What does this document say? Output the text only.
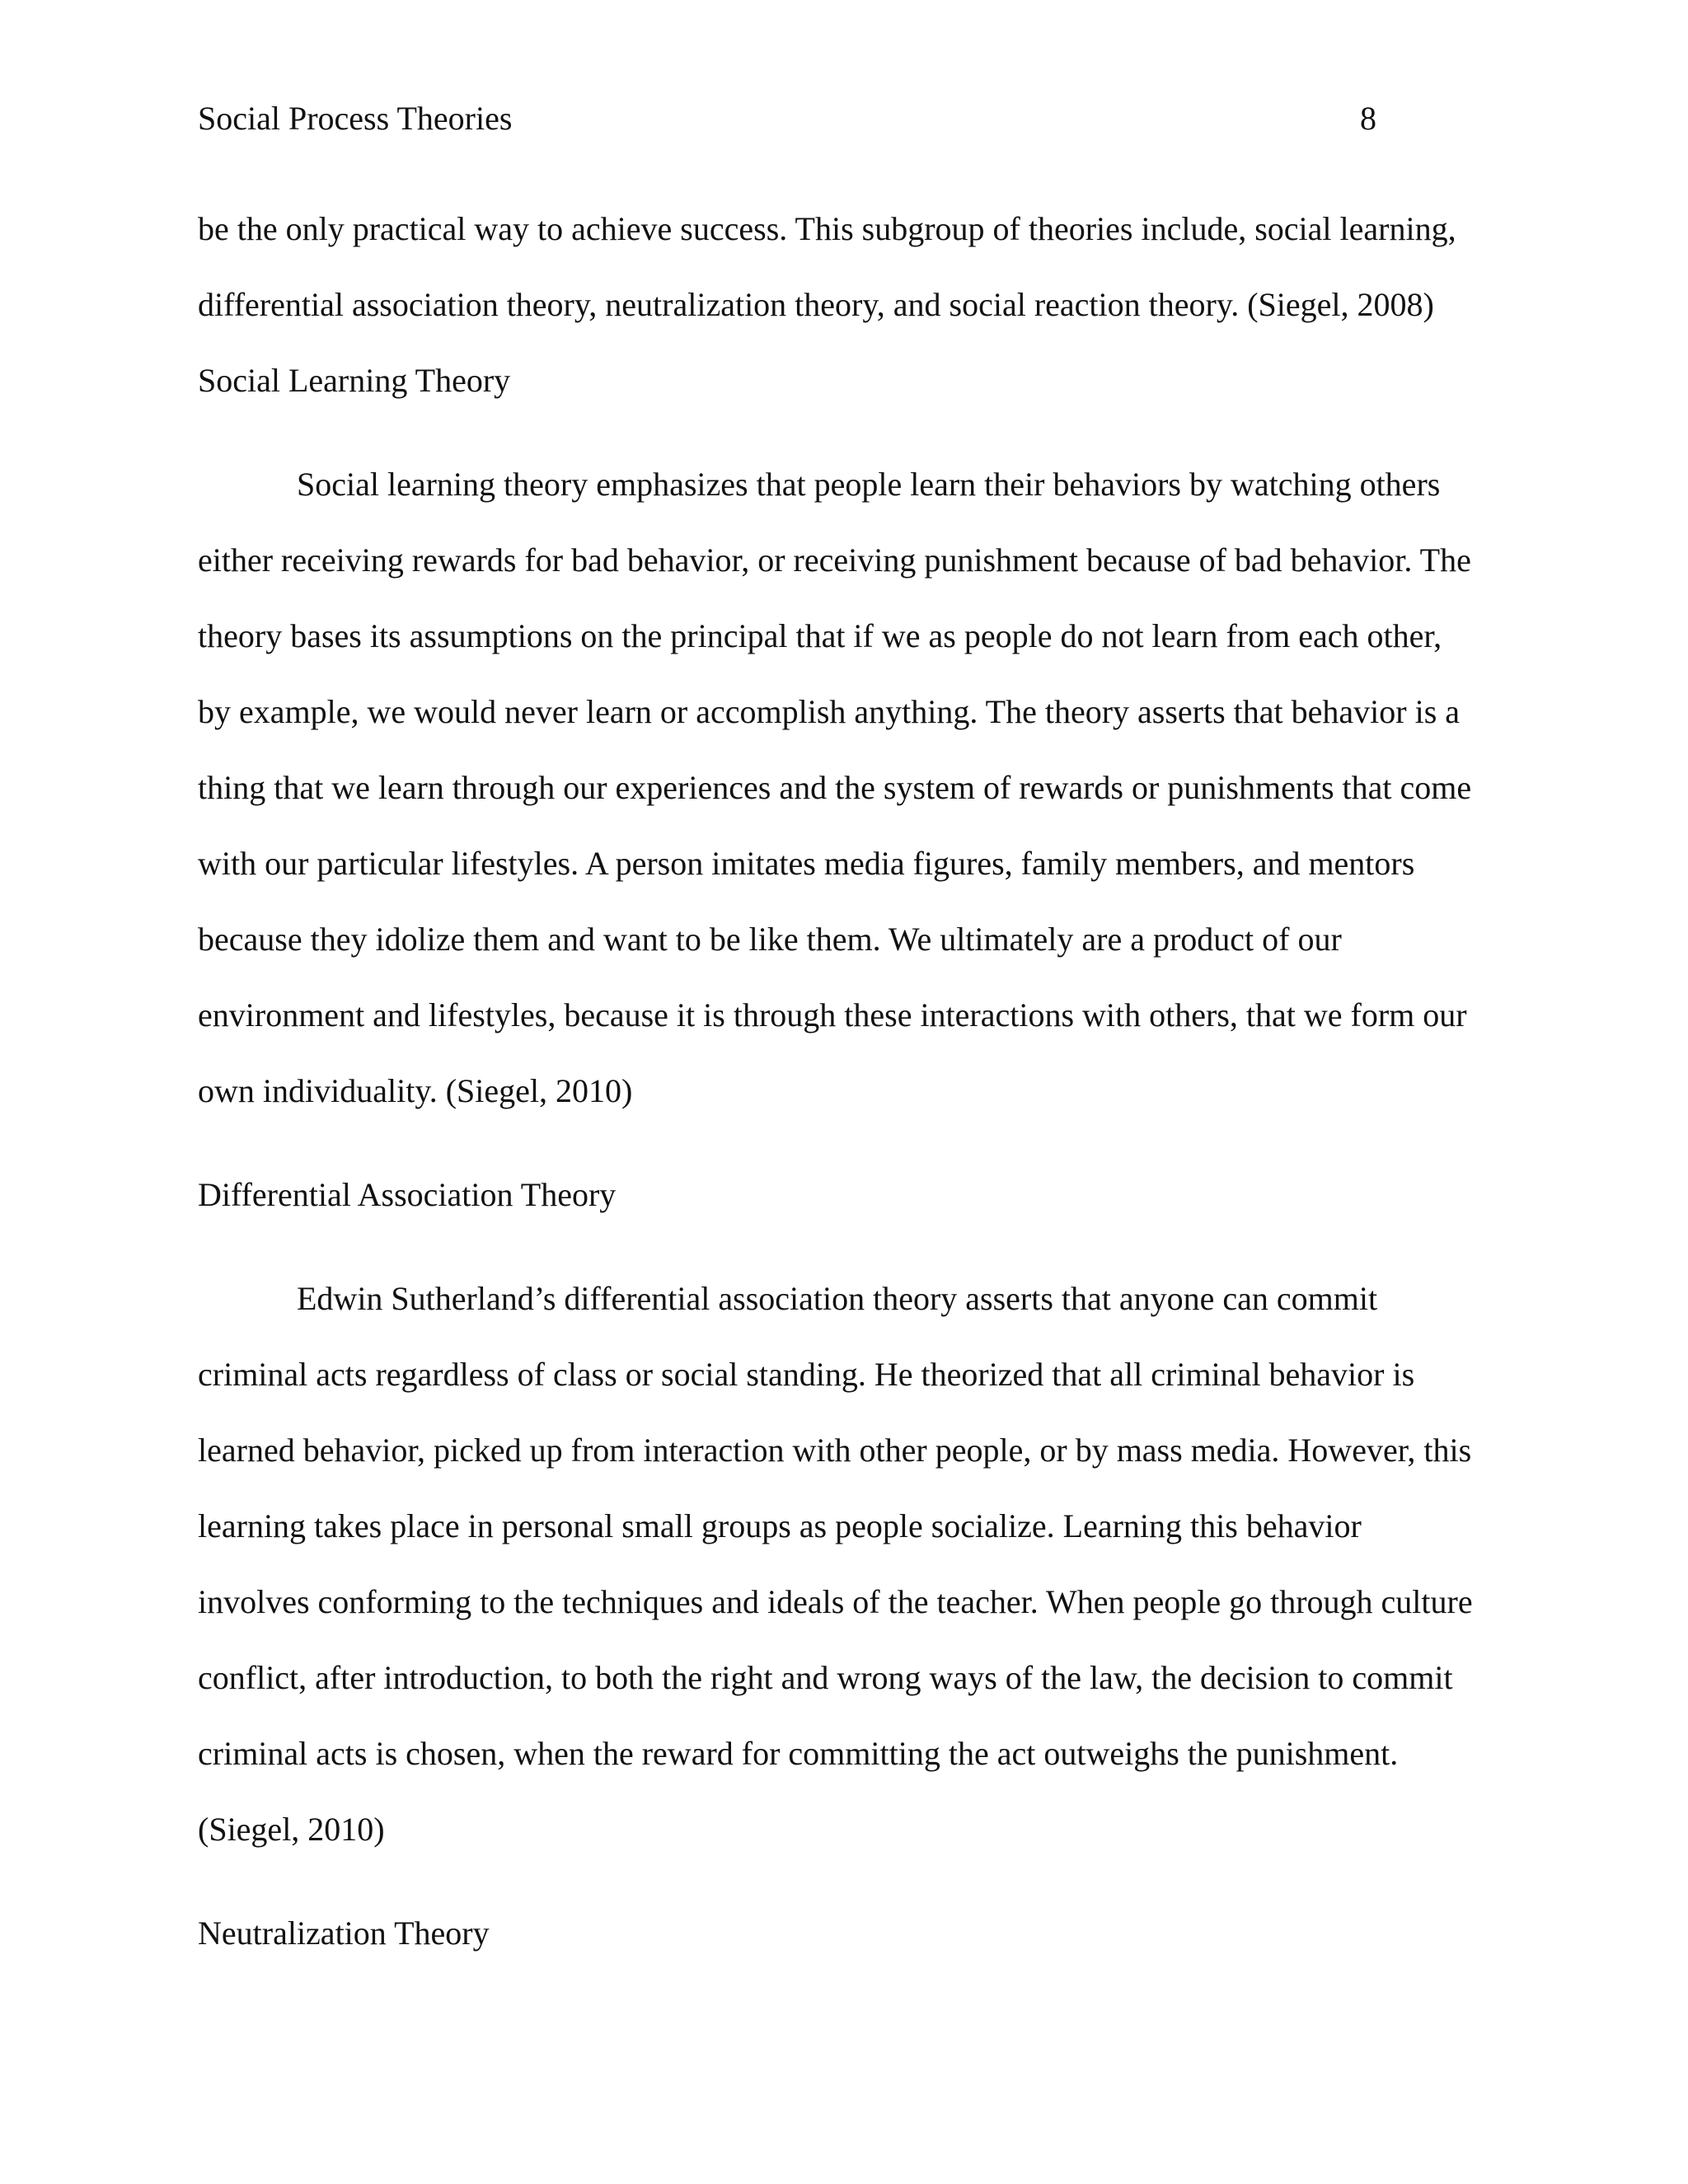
Social Process Theories	8

be the only practical way to achieve success. This subgroup of theories include, social learning,
differential association theory, neutralization theory, and social reaction theory. (Siegel, 2008)

Social Learning Theory

Social learning theory emphasizes that people learn their behaviors by watching others
either receiving rewards for bad behavior, or receiving punishment because of bad behavior. The
theory bases its assumptions on the principal that if we as people do not learn from each other,
by example, we would never learn or accomplish anything. The theory asserts that behavior is a
thing that we learn through our experiences and the system of rewards or punishments that come
with our particular lifestyles. A person imitates media figures, family members, and mentors
because they idolize them and want to be like them. We ultimately are a product of our
environment and lifestyles, because it is through these interactions with others, that we form our
own individuality. (Siegel, 2010)

Differential Association Theory

Edwin Sutherland’s differential association theory asserts that anyone can commit
criminal acts regardless of class or social standing. He theorized that all criminal behavior is
learned behavior, picked up from interaction with other people, or by mass media. However, this
learning takes place in personal small groups as people socialize. Learning this behavior
involves conforming to the techniques and ideals of the teacher. When people go through culture
conflict, after introduction, to both the right and wrong ways of the law, the decision to commit
criminal acts is chosen, when the reward for committing the act outweighs the punishment.
(Siegel, 2010)

Neutralization Theory
